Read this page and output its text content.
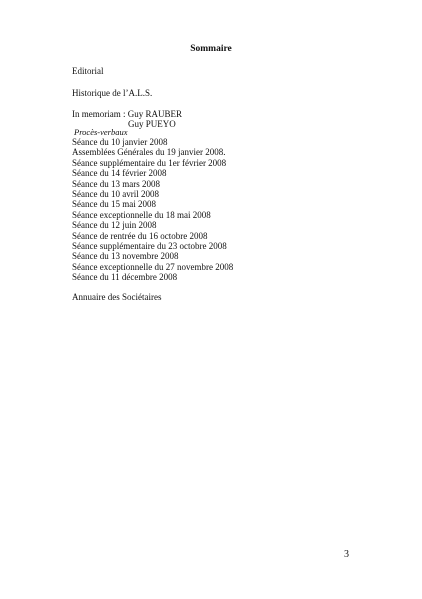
Sommaire
Editorial
Historique de l’A.L.S.
In memoriam : Guy RAUBER
Guy PUEYO
Procès-verbaux
Séance du 10 janvier 2008
Assemblées Générales du 19 janvier 2008.
Séance supplémentaire du 1er février 2008
Séance du 14 février 2008
Séance du 13 mars 2008
Séance du 10 avril 2008
Séance du 15 mai 2008
Séance exceptionnelle du 18 mai 2008
Séance du 12 juin 2008
Séance de rentrée du 16 octobre 2008
Séance supplémentaire du 23 octobre 2008
Séance du 13 novembre 2008
Séance exceptionnelle du 27 novembre 2008
Séance du 11 décembre 2008
Annuaire des Sociétaires
3
